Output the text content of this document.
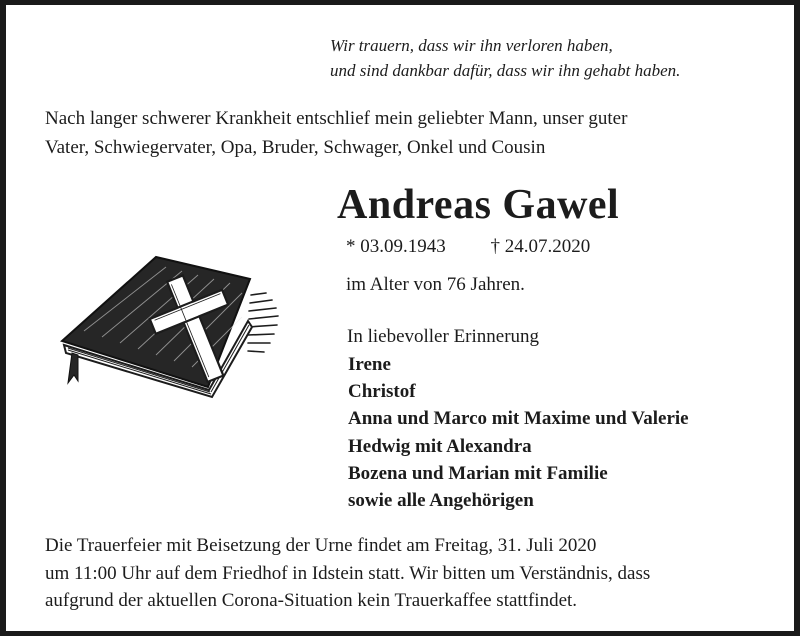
Wir trauern, dass wir ihn verloren haben,
und sind dankbar dafür, dass wir ihn gehabt haben.
Nach langer schwerer Krankheit entschlief mein geliebter Mann, unser guter
Vater, Schwiegervater, Opa, Bruder, Schwager, Onkel und Cousin
Andreas Gawel
* 03.09.1943 † 24.07.2020
im Alter von 76 Jahren.
In liebevoller Erinnerung
Irene
Christof
Anna und Marco mit Maxime und Valerie
Hedwig mit Alexandra
Bozena und Marian mit Familie
sowie alle Angehörigen
Die Trauerfeier mit Beisetzung der Urne findet am Freitag, 31. Juli 2020
um 11:00 Uhr auf dem Friedhof in Idstein statt. Wir bitten um Verständnis, dass
aufgrund der aktuellen Corona-Situation kein Trauerkaffee stattfindet.
